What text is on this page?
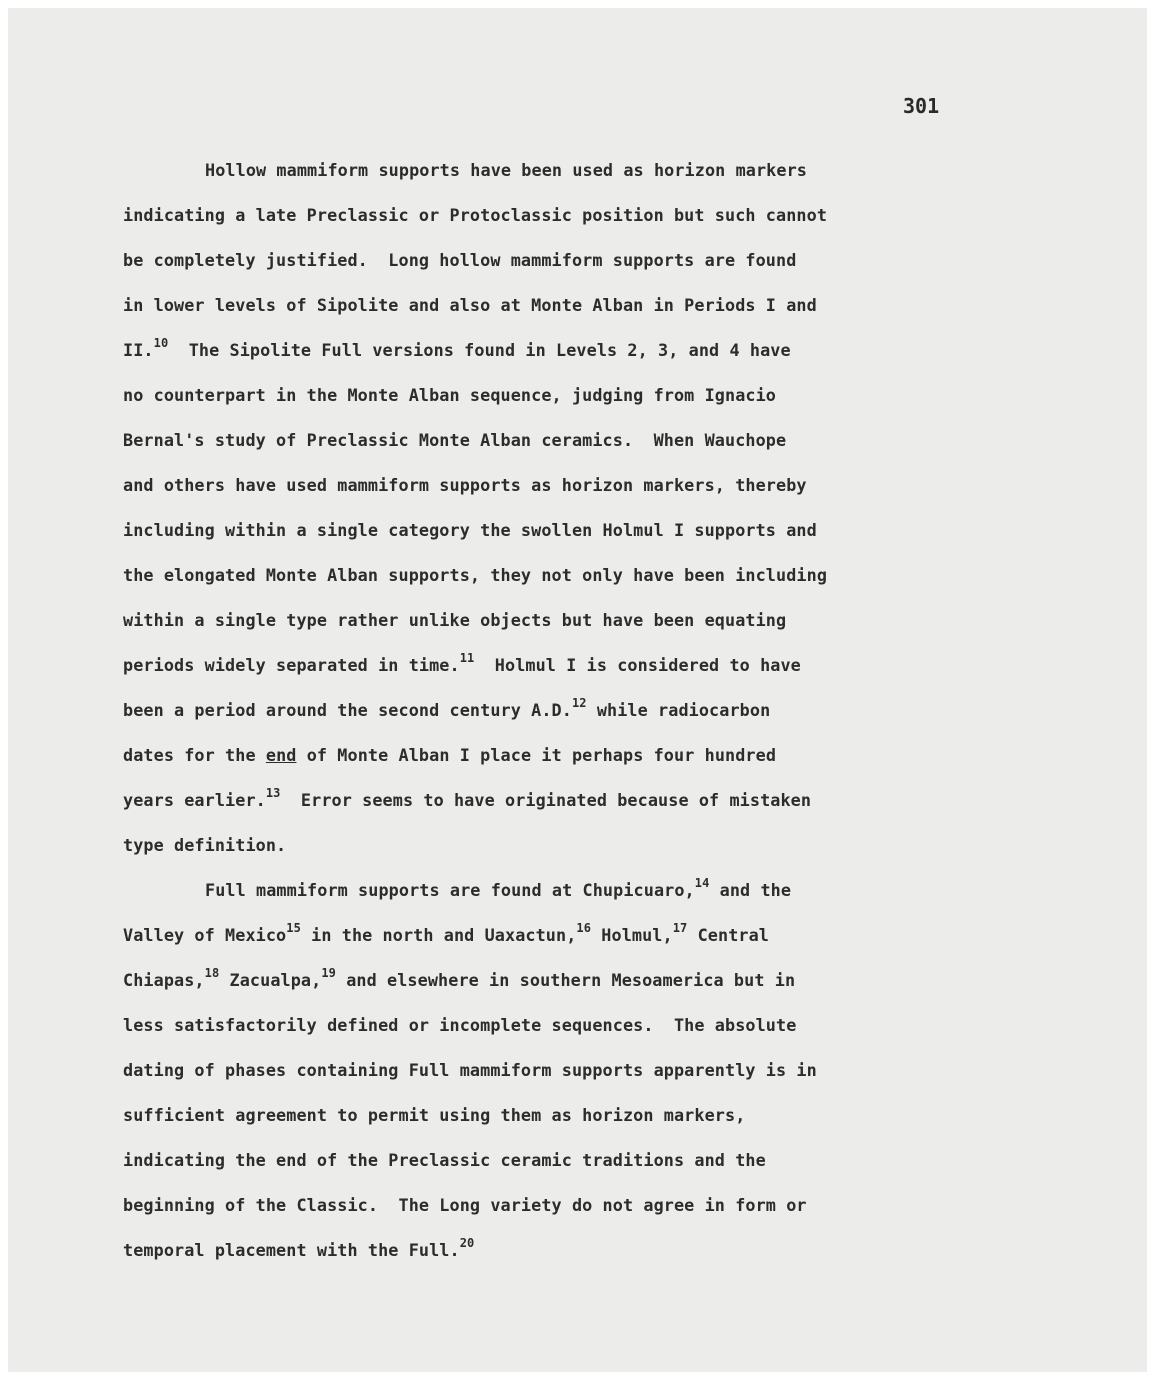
301

Hollow mammiform supports have been used as horizon markers
indicating a late Preclassic or Protoclassic position but such cannot
be completely justified.  Long hollow mammiform supports are found
in lower levels of Sipolite and also at Monte Alban in Periods I and
II.$^{10}$  The Sipolite Full versions found in Levels 2, 3, and 4 have
no counterpart in the Monte Alban sequence, judging from Ignacio
Bernal's study of Preclassic Monte Alban ceramics.  When Wauchope
and others have used mammiform supports as horizon markers, thereby
including within a single category the swollen Holmul I supports and
the elongated Monte Alban supports, they not only have been including
within a single type rather unlike objects but have been equating
periods widely separated in time.$^{11}$  Holmul I is considered to have
been a period around the second century A.D.$^{12}$ while radiocarbon
dates for the end of Monte Alban I place it perhaps four hundred
years earlier.$^{13}$  Error seems to have originated because of mistaken
type definition.
Full mammiform supports are found at Chupicuaro,$^{14}$ and the
Valley of Mexico$^{15}$ in the north and Uaxactun,$^{16}$ Holmul,$^{17}$ Central
Chiapas,$^{18}$ Zacualpa,$^{19}$ and elsewhere in southern Mesoamerica but in
less satisfactorily defined or incomplete sequences.  The absolute
dating of phases containing Full mammiform supports apparently is in
sufficient agreement to permit using them as horizon markers,
indicating the end of the Preclassic ceramic traditions and the
beginning of the Classic.  The Long variety do not agree in form or
temporal placement with the Full.$^{20}$
